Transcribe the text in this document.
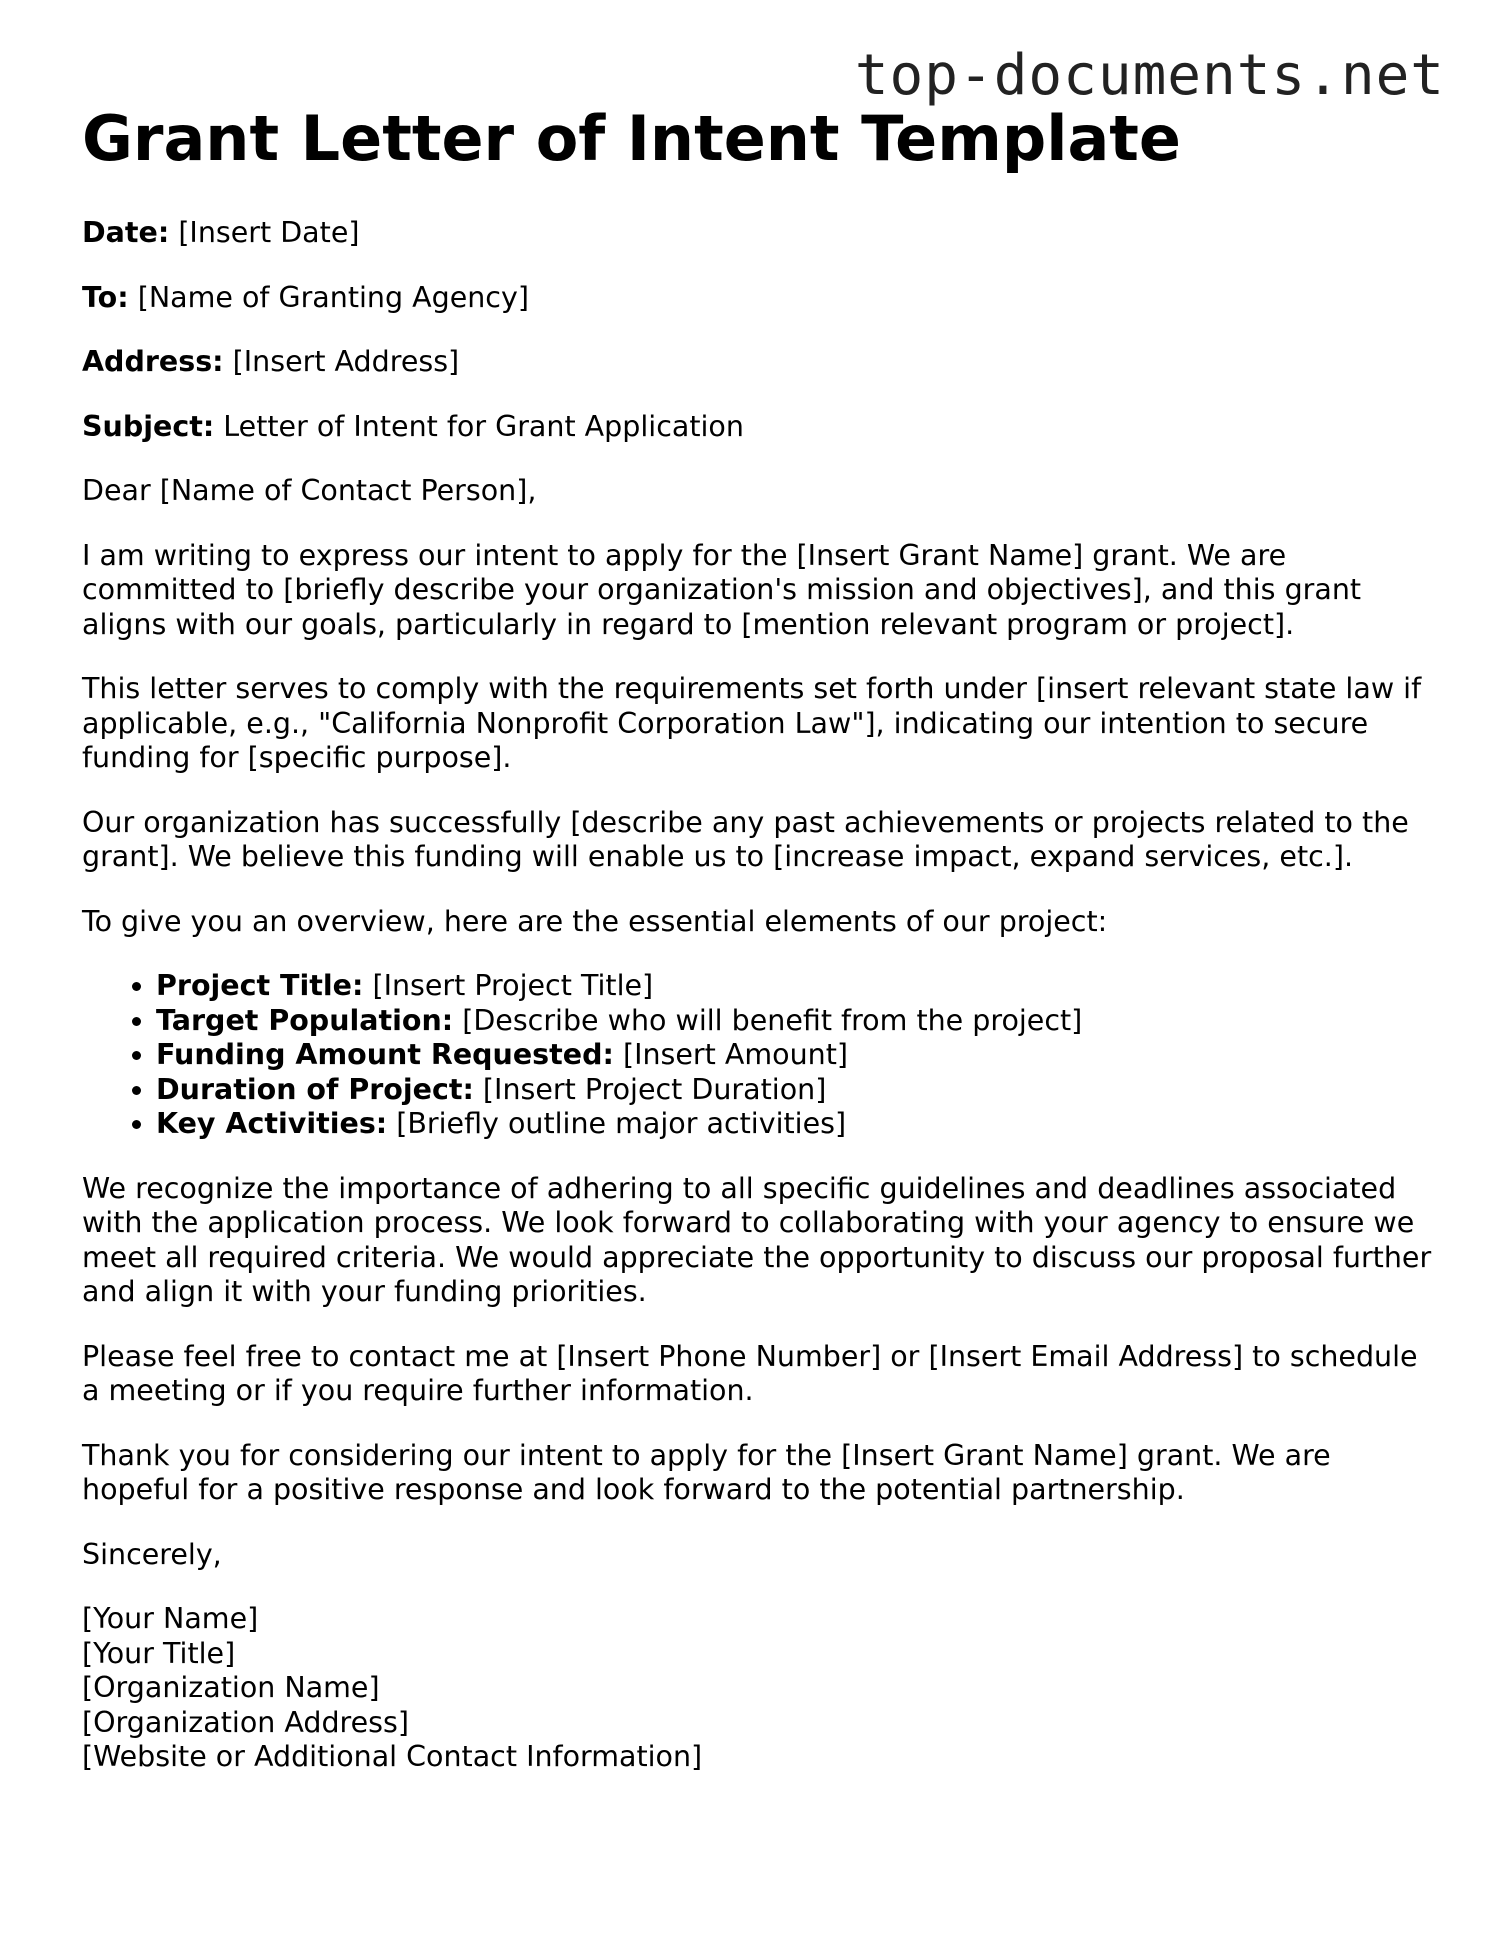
top-documents.net
Grant Letter of Intent Template

Date: [Insert Date]

To: [Name of Granting Agency]

Address: [Insert Address]

Subject: Letter of Intent for Grant Application

Dear [Name of Contact Person],

I am writing to express our intent to apply for the [Insert Grant Name] grant. We are committed to [briefly describe your organization's mission and objectives], and this grant aligns with our goals, particularly in regard to [mention relevant program or project].

This letter serves to comply with the requirements set forth under [insert relevant state law if applicable, e.g., "California Nonprofit Corporation Law"], indicating our intention to secure funding for [specific purpose].

Our organization has successfully [describe any past achievements or projects related to the grant]. We believe this funding will enable us to [increase impact, expand services, etc.].

To give you an overview, here are the essential elements of our project:

• Project Title: [Insert Project Title]
• Target Population: [Describe who will benefit from the project]
• Funding Amount Requested: [Insert Amount]
• Duration of Project: [Insert Project Duration]
• Key Activities: [Briefly outline major activities]

We recognize the importance of adhering to all specific guidelines and deadlines associated with the application process. We look forward to collaborating with your agency to ensure we meet all required criteria. We would appreciate the opportunity to discuss our proposal further and align it with your funding priorities.

Please feel free to contact me at [Insert Phone Number] or [Insert Email Address] to schedule a meeting or if you require further information.

Thank you for considering our intent to apply for the [Insert Grant Name] grant. We are hopeful for a positive response and look forward to the potential partnership.

Sincerely,

[Your Name]
[Your Title]
[Organization Name]
[Organization Address]
[Website or Additional Contact Information]
